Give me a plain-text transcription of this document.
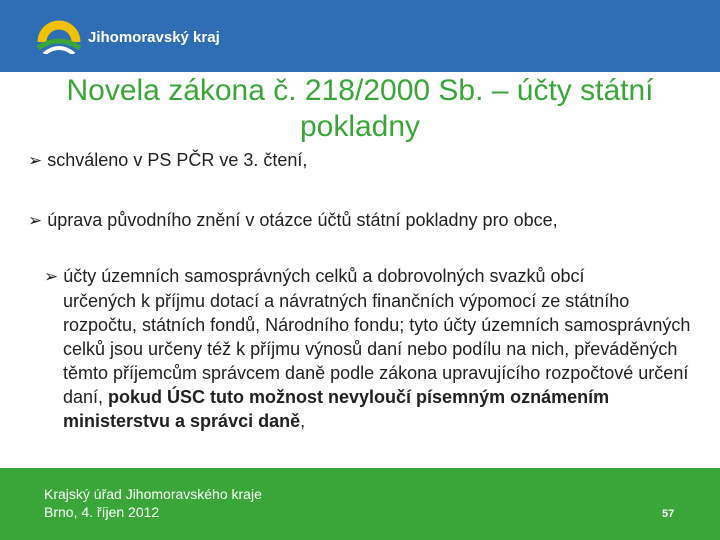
Jihomoravský kraj
Novela zákona č. 218/2000 Sb. – účty státní
pokladny
➢ schváleno v PS PČR ve 3. čtení,
➢ úprava původního znění v otázce účtů státní pokladny pro obce,
➢ účty územních samosprávných celků a dobrovolných svazků obcí
určených k příjmu dotací a návratných finančních výpomocí ze státního rozpočtu, státních fondů, Národního fondu; tyto účty územních samosprávných celků jsou určeny též k příjmu výnosů daní nebo podílu na nich, převáděných těmto příjemcům správcem daně podle zákona upravujícího rozpočtové určení daní, pokud ÚSC tuto možnost nevyloučí písemným oznámením ministerstvu a správci daně,
Krajský úřad Jihomoravského kraje
Brno, 4. říjen 2012	57
